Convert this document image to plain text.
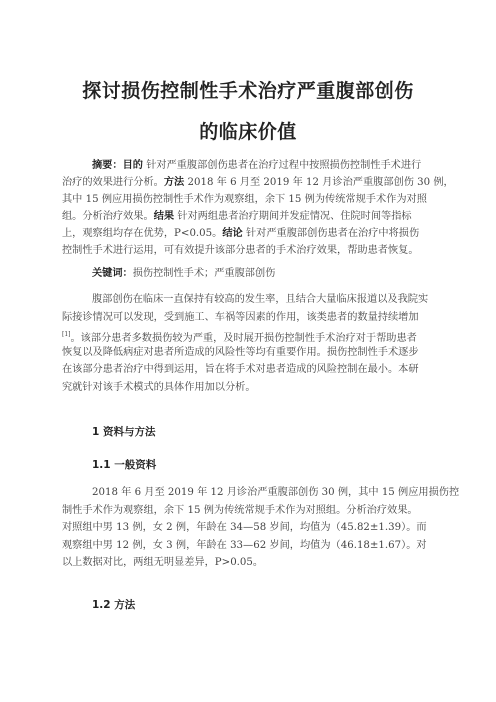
探讨损伤控制性手术治疗严重腹部创伤
的临床价值
摘要：目的 针对严重腹部创伤患者在治疗过程中按照损伤控制性手术进行
治疗的效果进行分析。方法 2018 年 6 月至 2019 年 12 月诊治严重腹部创伤 30 例，
其中 15 例应用损伤控制性手术作为观察组，余下 15 例为传统常规手术作为对照
组。分析治疗效果。结果 针对两组患者治疗期间并发症情况、住院时间等指标
上，观察组均存在优势，P<0.05。结论 针对严重腹部创伤患者在治疗中将损伤
控制性手术进行运用，可有效提升该部分患者的手术治疗效果，帮助患者恢复。
关键词：损伤控制性手术；严重腹部创伤
腹部创伤在临床一直保持有较高的发生率，且结合大量临床报道以及我院实
际接诊情况可以发现，受到施工、车祸等因素的作用，该类患者的数量持续增加
[1]。该部分患者多数损伤较为严重，及时展开损伤控制性手术治疗对于帮助患者
恢复以及降低病症对患者所造成的风险性等均有重要作用。损伤控制性手术逐步
在该部分患者治疗中得到运用，旨在将手术对患者造成的风险控制在最小。本研
究就针对该手术模式的具体作用加以分析。
1 资料与方法
1.1 一般资料
2018 年 6 月至 2019 年 12 月诊治严重腹部创伤 30 例，其中 15 例应用损伤控
制性手术作为观察组，余下 15 例为传统常规手术作为对照组。分析治疗效果。
对照组中男 13 例，女 2 例，年龄在 34—58 岁间，均值为（45.82±1.39）。而
观察组中男 12 例，女 3 例，年龄在 33—62 岁间，均值为（46.18±1.67）。对
以上数据对比，两组无明显差异，P>0.05。
1.2 方法
